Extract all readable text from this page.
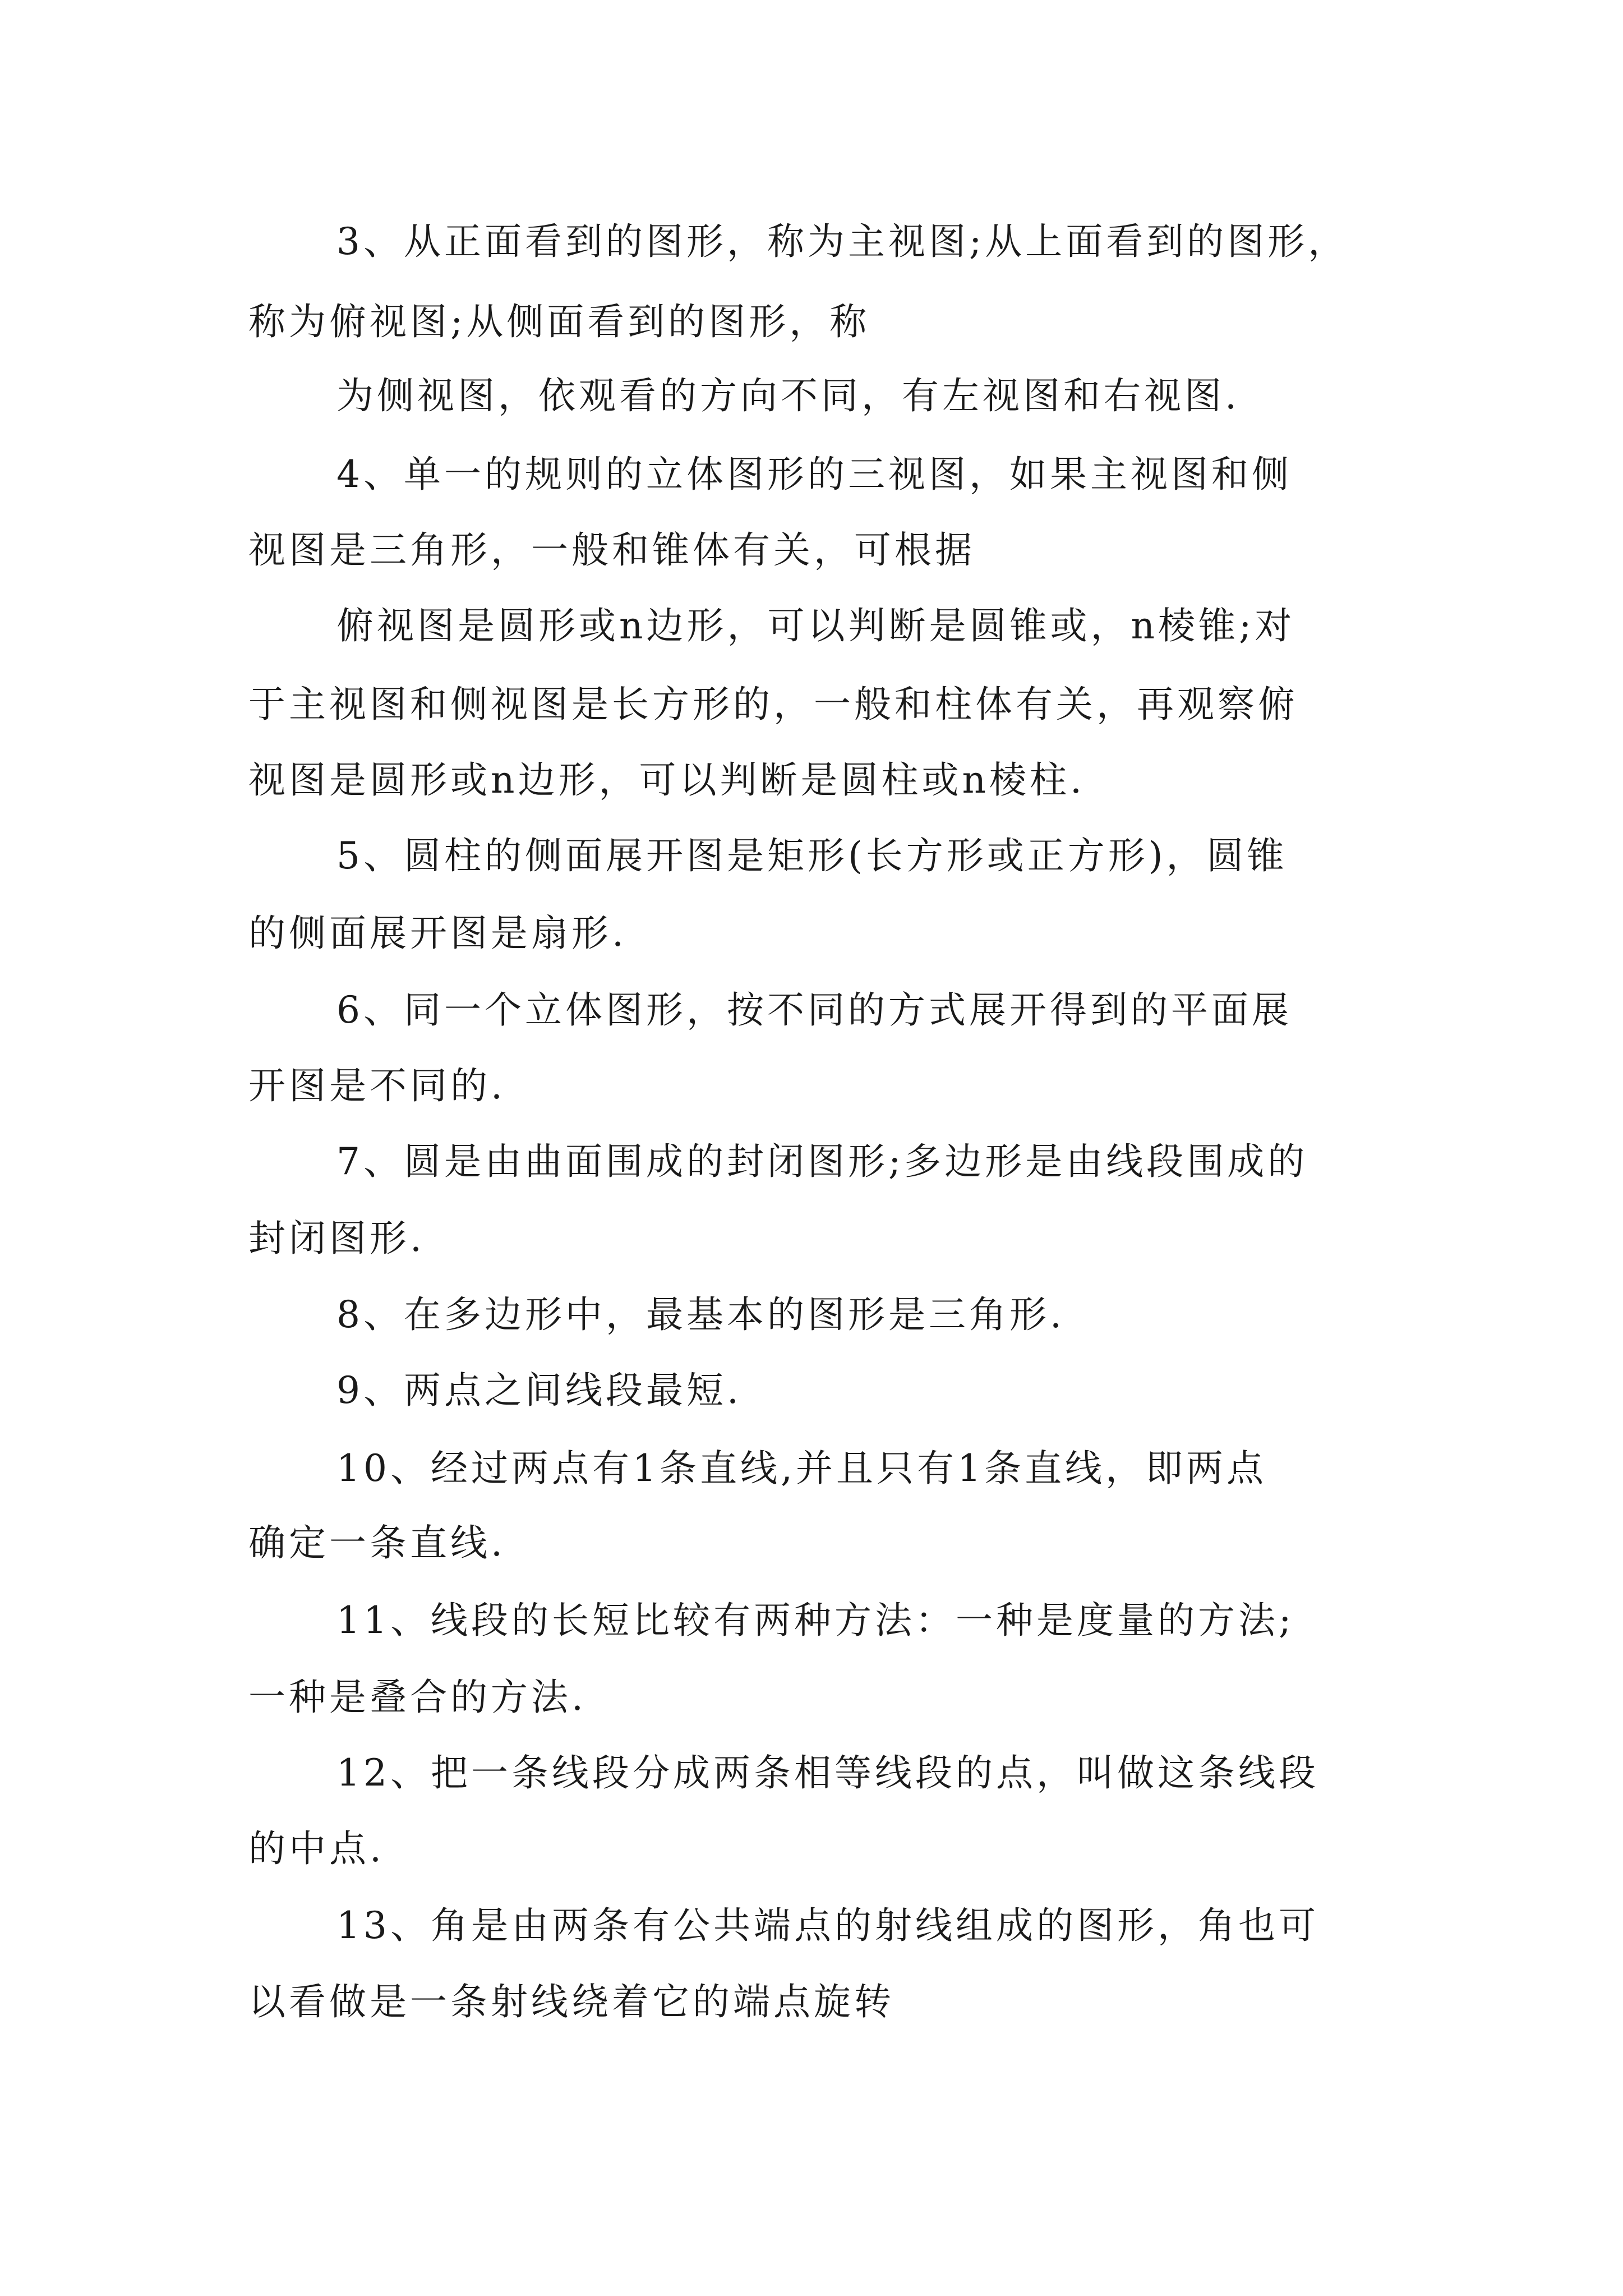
3、从正面看到的图形，称为主视图;从上面看到的图形，
称为俯视图;从侧面看到的图形，称
为侧视图，依观看的方向不同，有左视图和右视图.
4、单一的规则的立体图形的三视图，如果主视图和侧
视图是三角形，一般和锥体有关，可根据
俯视图是圆形或n边形，可以判断是圆锥或，n棱锥;对
于主视图和侧视图是长方形的，一般和柱体有关，再观察俯
视图是圆形或n边形，可以判断是圆柱或n棱柱.
5、圆柱的侧面展开图是矩形(长方形或正方形)，圆锥
的侧面展开图是扇形.
6、同一个立体图形，按不同的方式展开得到的平面展
开图是不同的.
7、圆是由曲面围成的封闭图形;多边形是由线段围成的
封闭图形.
8、在多边形中，最基本的图形是三角形.
9、两点之间线段最短.
10、经过两点有1条直线,并且只有1条直线，即两点
确定一条直线.
11、线段的长短比较有两种方法：一种是度量的方法;
一种是叠合的方法.
12、把一条线段分成两条相等线段的点，叫做这条线段
的中点.
13、角是由两条有公共端点的射线组成的图形，角也可
以看做是一条射线绕着它的端点旋转
